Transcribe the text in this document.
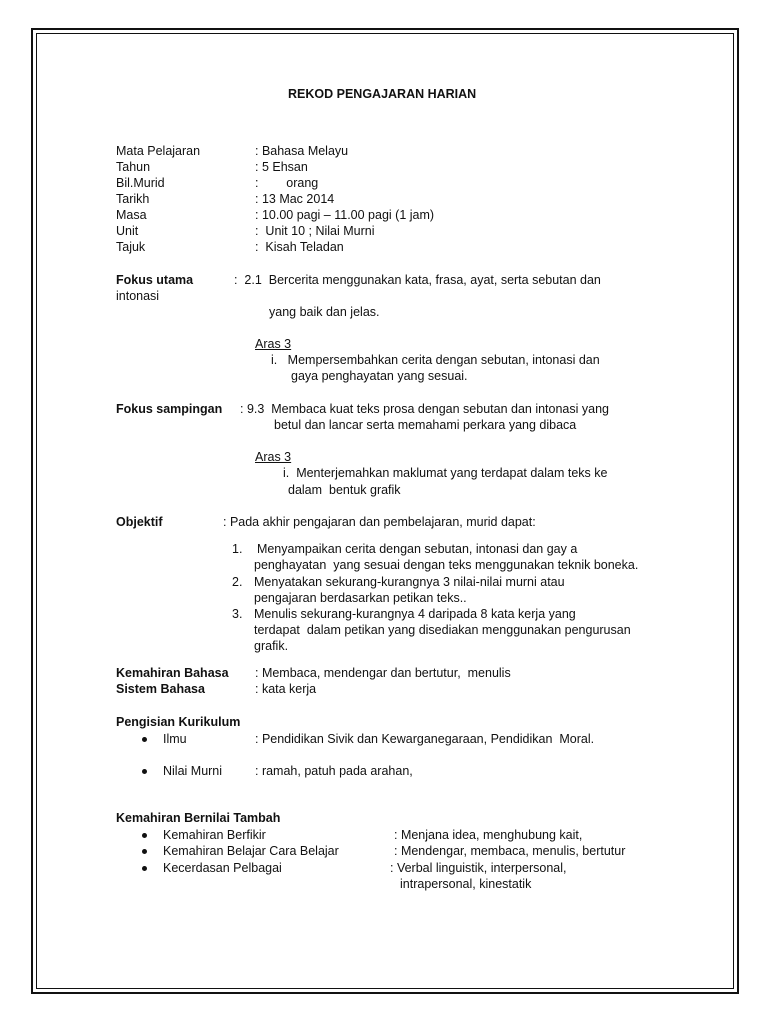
REKOD PENGAJARAN HARIAN
Mata Pelajaran	: Bahasa Melayu
Tahun	: 5 Ehsan
Bil.Murid	:        orang
Tarikh	: 13 Mac 2014
Masa	: 10.00 pagi – 11.00 pagi (1 jam)
Unit	:  Unit 10 ; Nilai Murni
Tajuk	:  Kisah Teladan
Fokus utama	:  2.1  Bercerita menggunakan kata, frasa, ayat, serta sebutan dan
intonasi
yang baik dan jelas.
Aras 3
i.   Mempersembahkan cerita dengan sebutan, intonasi dan
gaya penghayatan yang sesuai.
Fokus sampingan : 9.3  Membaca kuat teks prosa dengan sebutan dan intonasi yang
betul dan lancar serta memahami perkara yang dibaca
Aras 3
i.  Menterjemahkan maklumat yang terdapat dalam teks ke
dalam  bentuk grafik
Objektif	: Pada akhir pengajaran dan pembelajaran, murid dapat:
1. Menyampaikan cerita dengan sebutan, intonasi dan gay a
penghayatan  yang sesuai dengan teks menggunakan teknik boneka.
2. Menyatakan sekurang-kurangnya 3 nilai-nilai murni atau
pengajaran berdasarkan petikan teks..
3. Menulis sekurang-kurangnya 4 daripada 8 kata kerja yang
terdapat  dalam petikan yang disediakan menggunakan pengurusan
grafik.
Kemahiran Bahasa : Membaca, mendengar dan bertutur,  menulis
Sistem Bahasa	: kata kerja
Pengisian Kurikulum
Ilmu	: Pendidikan Sivik dan Kewarganegaraan, Pendidikan  Moral.
Nilai Murni	: ramah, patuh pada arahan,
Kemahiran Bernilai Tambah
Kemahiran Berfikir	: Menjana idea, menghubung kait,
Kemahiran Belajar Cara Belajar	: Mendengar, membaca, menulis, bertutur
Kecerdasan Pelbagai	: Verbal linguistik, interpersonal,
intrapersonal, kinestatik
